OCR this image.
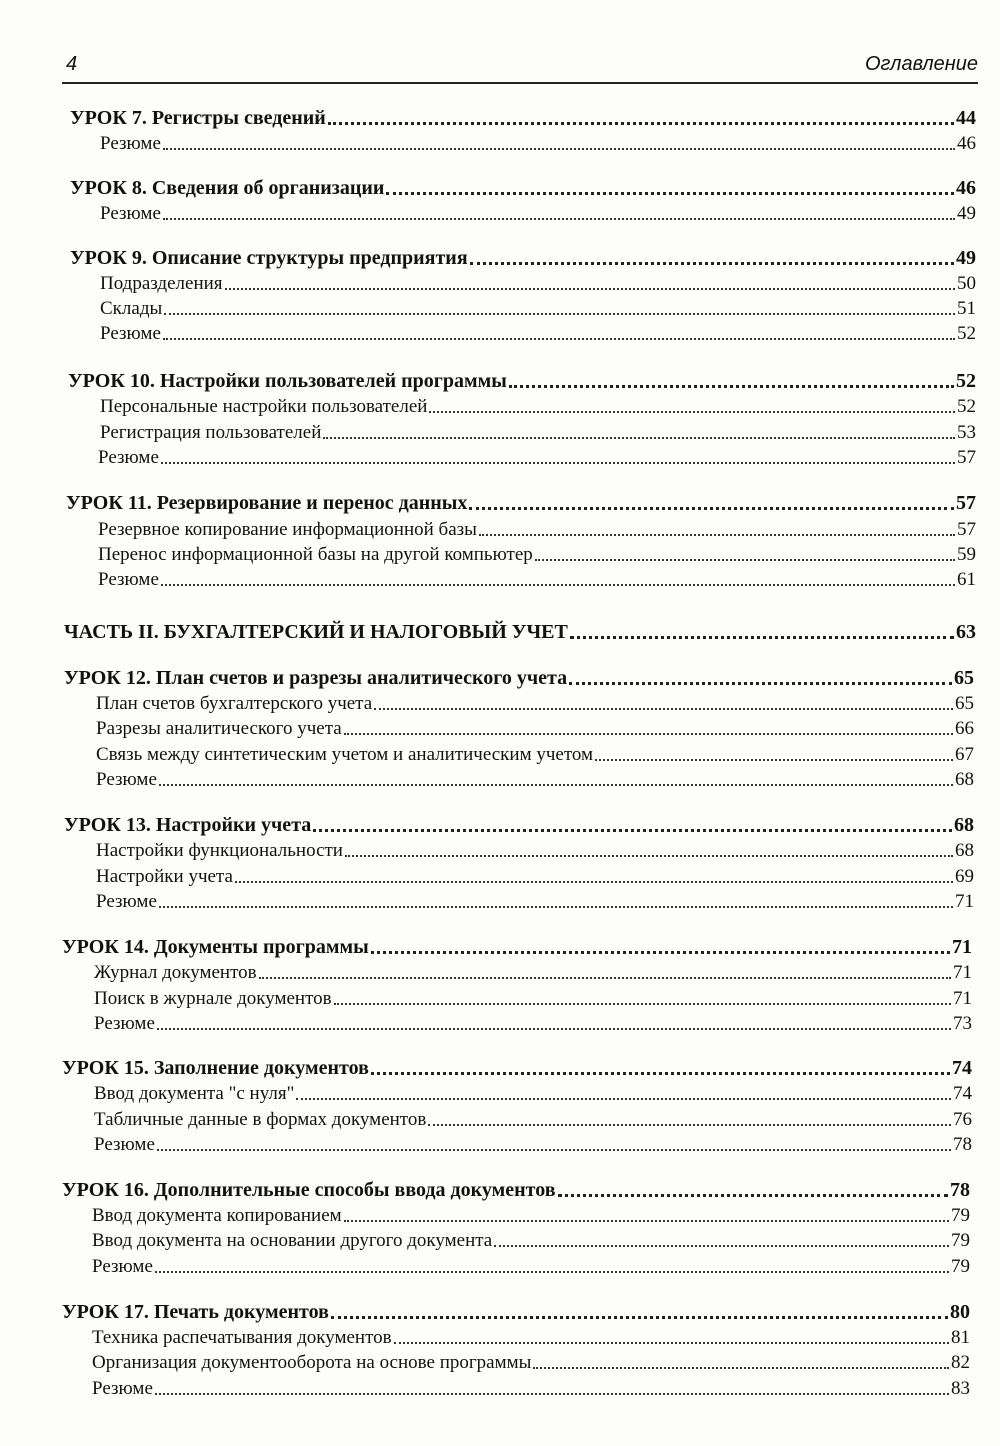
4	Оглавление
УРОК 7. Регистры сведений	44
Резюме	46
УРОК 8. Сведения об организации	46
Резюме	49
УРОК 9. Описание структуры предприятия	49
Подразделения	50
Склады	51
Резюме	52
УРОК 10. Настройки пользователей программы	52
Персональные настройки пользователей	52
Регистрация пользователей	53
Резюме	57
УРОК 11. Резервирование и перенос данных	57
Резервное копирование информационной базы	57
Перенос информационной базы на другой компьютер	59
Резюме	61
ЧАСТЬ II. БУХГАЛТЕРСКИЙ И НАЛОГОВЫЙ УЧЕТ	63
УРОК 12. План счетов и разрезы аналитического учета	65
План счетов бухгалтерского учета	65
Разрезы аналитического учета	66
Связь между синтетическим учетом и аналитическим учетом	67
Резюме	68
УРОК 13. Настройки учета	68
Настройки функциональности	68
Настройки учета	69
Резюме	71
УРОК 14. Документы программы	71
Журнал документов	71
Поиск в журнале документов	71
Резюме	73
УРОК 15. Заполнение документов	74
Ввод документа "с нуля"	74
Табличные данные в формах документов	76
Резюме	78
УРОК 16. Дополнительные способы ввода документов	78
Ввод документа копированием	79
Ввод документа на основании другого документа	79
Резюме	79
УРОК 17. Печать документов	80
Техника распечатывания документов	81
Организация документооборота на основе программы	82
Резюме	83
